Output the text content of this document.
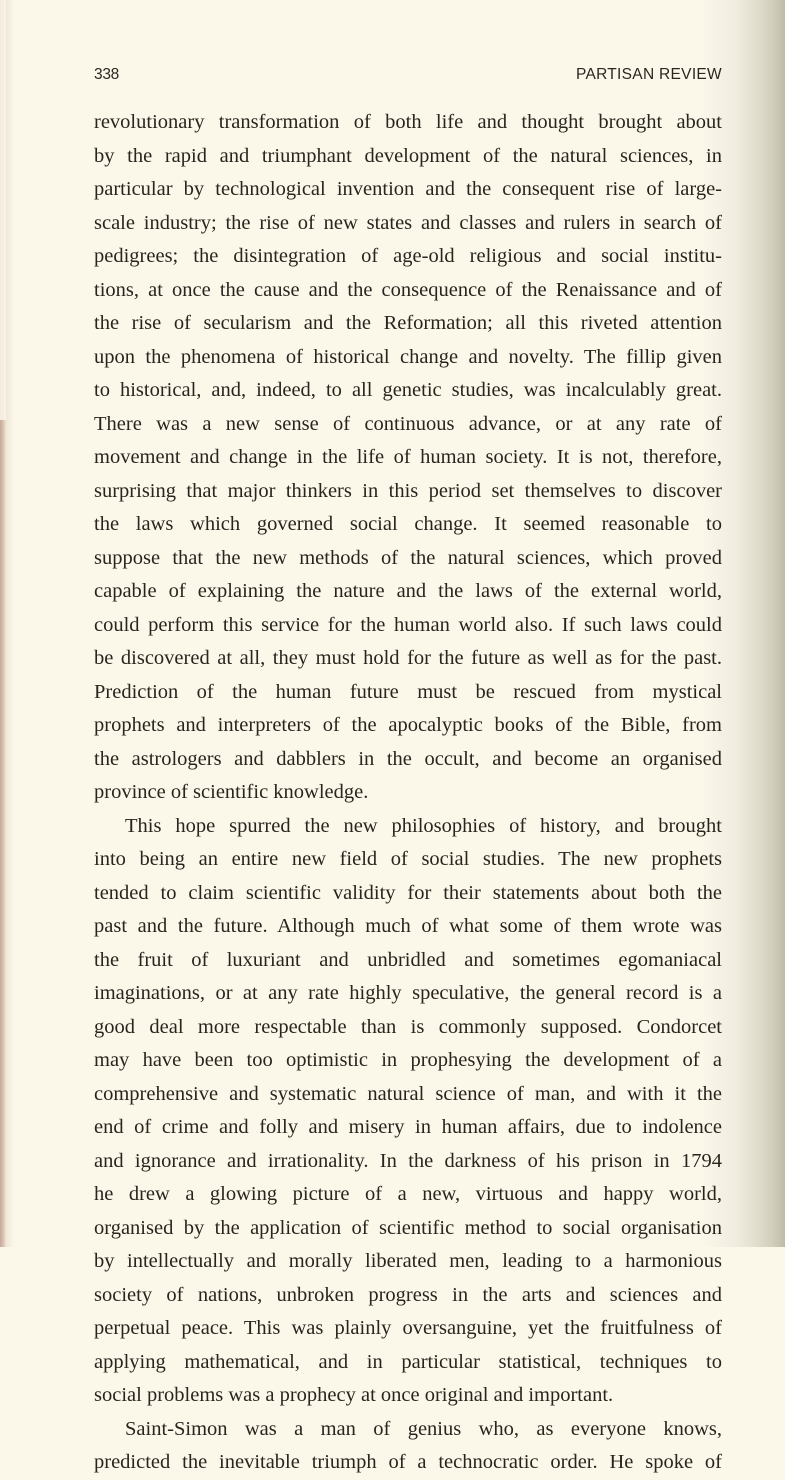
338	PARTISAN REVIEW
revolutionary transformation of both life and thought brought about
by the rapid and triumphant development of the natural sciences, in
particular by technological invention and the consequent rise of large-
scale industry; the rise of new states and classes and rulers in search of
pedigrees; the disintegration of age-old religious and social institu-
tions, at once the cause and the consequence of the Renaissance and of
the rise of secularism and the Reformation; all this riveted attention
upon the phenomena of historical change and novelty. The fillip given
to historical, and, indeed, to all genetic studies, was incalculably great.
There was a new sense of continuous advance, or at any rate of
movement and change in the life of human society. It is not, therefore,
surprising that major thinkers in this period set themselves to discover
the laws which governed social change. It seemed reasonable to
suppose that the new methods of the natural sciences, which proved
capable of explaining the nature and the laws of the external world,
could perform this service for the human world also. If such laws could
be discovered at all, they must hold for the future as well as for the past.
Prediction of the human future must be rescued from mystical
prophets and interpreters of the apocalyptic books of the Bible, from
the astrologers and dabblers in the occult, and become an organised
province of scientific knowledge.
This hope spurred the new philosophies of history, and brought
into being an entire new field of social studies. The new prophets
tended to claim scientific validity for their statements about both the
past and the future. Although much of what some of them wrote was
the fruit of luxuriant and unbridled and sometimes egomaniacal
imaginations, or at any rate highly speculative, the general record is a
good deal more respectable than is commonly supposed. Condorcet
may have been too optimistic in prophesying the development of a
comprehensive and systematic natural science of man, and with it the
end of crime and folly and misery in human affairs, due to indolence
and ignorance and irrationality. In the darkness of his prison in 1794
he drew a glowing picture of a new, virtuous and happy world,
organised by the application of scientific method to social organisation
by intellectually and morally liberated men, leading to a harmonious
society of nations, unbroken progress in the arts and sciences and
perpetual peace. This was plainly oversanguine, yet the fruitfulness of
applying mathematical, and in particular statistical, techniques to
social problems was a prophecy at once original and important.
Saint-Simon was a man of genius who, as everyone knows,
predicted the inevitable triumph of a technocratic order. He spoke of
